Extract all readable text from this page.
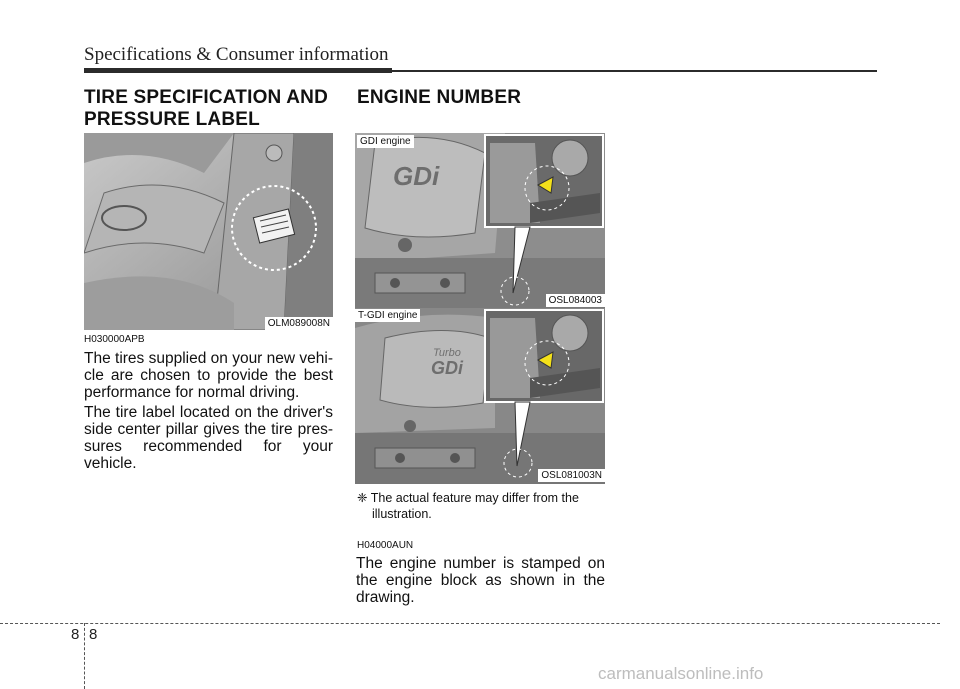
Specifications & Consumer information
TIRE SPECIFICATION AND
PRESSURE LABEL
OLM089008N
H030000APB
The tires supplied on your new vehi-cle are chosen to provide the best performance for normal driving.
The tire label located on the driver's side center pillar gives the tire pres-sures recommended for your vehicle.
ENGINE NUMBER
GDi
GDI engine
OSL084003
Turbo
GDi
T-GDI engine
OSL081003N
❈ The actual feature may differ from the
illustration.
H04000AUN
The engine number is stamped on the engine block as shown in the drawing.
8 8
carmanualsonline.info
